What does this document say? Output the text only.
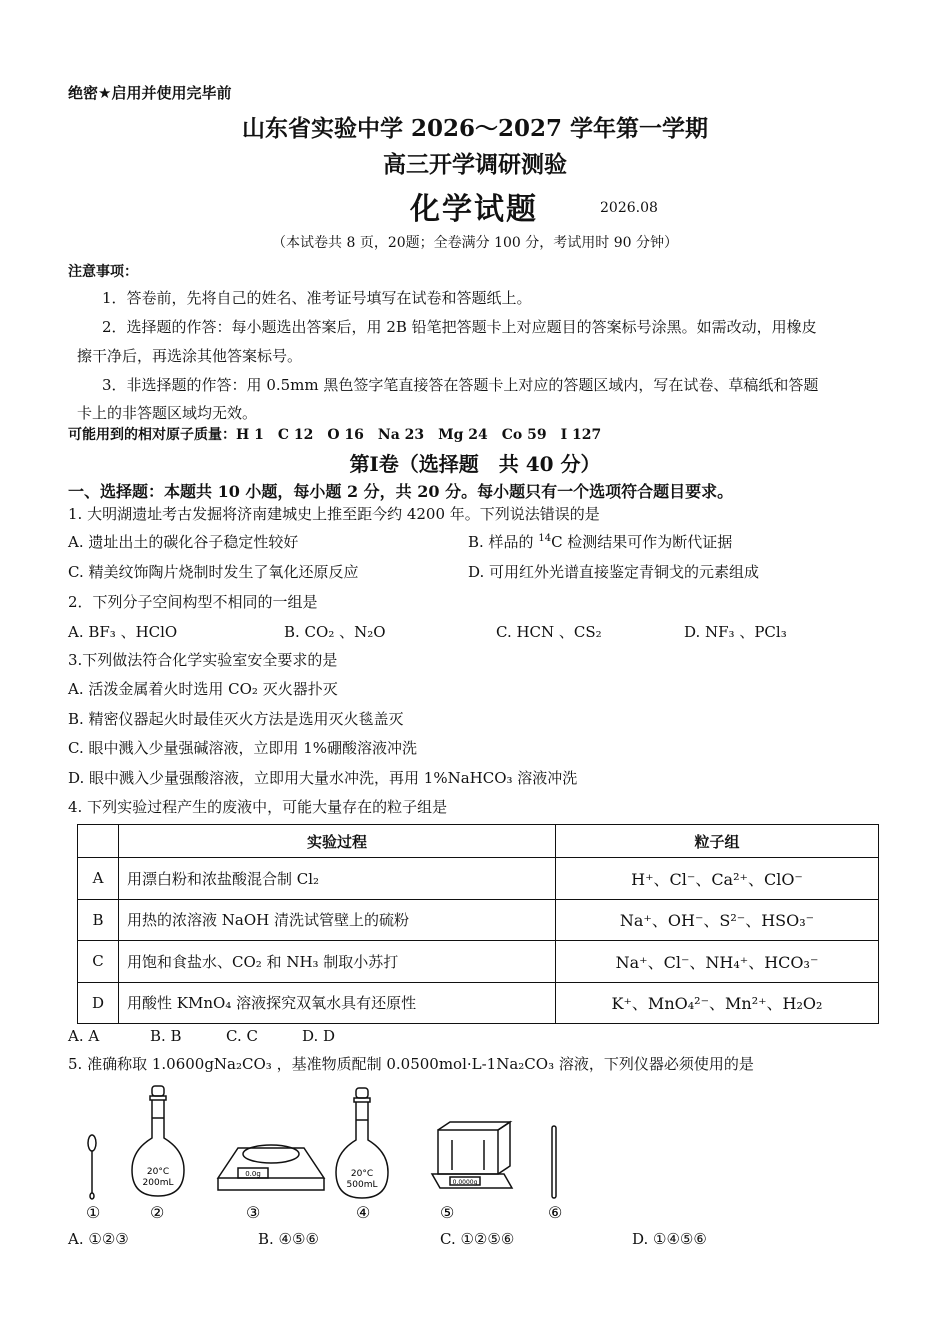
绝密★启用并使用完毕前
山东省实验中学 2026～2027 学年第一学期
高三开学调研测验
化学试题	2026.08
（本试卷共 8 页，20题；全卷满分 100 分，考试用时 90 分钟）
注意事项：
1．答卷前，先将自己的姓名、准考证号填写在试卷和答题纸上。
2．选择题的作答：每小题选出答案后，用 2B 铅笔把答题卡上对应题目的答案标号涂黑。如需改动，用橡皮
擦干净后，再选涂其他答案标号。
3．非选择题的作答：用 0.5mm 黑色签字笔直接答在答题卡上对应的答题区域内，写在试卷、草稿纸和答题
卡上的非答题区域均无效。
可能用到的相对原子质量：H 1　C 12　O 16　Na 23　Mg 24　Co 59　I 127
第Ⅰ卷（选择题　共 40 分）
一、选择题：本题共 10 小题，每小题 2 分，共 20 分。每小题只有一个选项符合题目要求。
1. 大明湖遗址考古发掘将济南建城史上推至距今约 4200 年。下列说法错误的是
A. 遗址出土的碳化谷子稳定性较好	B. 样品的 $^{14}$C 检测结果可作为断代证据
C. 精美纹饰陶片烧制时发生了氧化还原反应	D. 可用红外光谱直接鉴定青铜戈的元素组成
2．下列分子空间构型不相同的一组是
A. BF₃ 、HClO	B. CO₂ 、N₂O	C. HCN 、CS₂	D. NF₃ 、PCl₃
3.下列做法符合化学实验室安全要求的是
A. 活泼金属着火时选用 CO₂ 灭火器扑灭
B. 精密仪器起火时最佳灭火方法是选用灭火毯盖灭
C. 眼中溅入少量强碱溶液，立即用 1%硼酸溶液冲洗
D. 眼中溅入少量强酸溶液，立即用大量水冲洗，再用 1%NaHCO₃ 溶液冲洗
4. 下列实验过程产生的废液中，可能大量存在的粒子组是
	实验过程	粒子组
A	用漂白粉和浓盐酸混合制 Cl₂	H⁺、Cl⁻、Ca²⁺、ClO⁻
B	用热的浓溶液 NaOH 清洗试管壁上的硫粉	Na⁺、OH⁻、S²⁻、HSO₃⁻
C	用饱和食盐水、CO₂ 和 NH₃ 制取小苏打	Na⁺、Cl⁻、NH₄⁺、HCO₃⁻
D	用酸性 KMnO₄ 溶液探究双氧水具有还原性	K⁺、MnO₄²⁻、Mn²⁺、H₂O₂
A. A	B. B	C. C	D. D
5. 准确称取 1.0600gNa₂CO₃ ，基准物质配制 0.0500mol·L-1Na₂CO₃ 溶液，下列仪器必须使用的是
20°C
200mL
0.0g	20°C
500mL	0.0000g
①	②	③	④	⑤	⑥
A. ①②③	B. ④⑤⑥	C. ①②⑤⑥	D. ①④⑤⑥
